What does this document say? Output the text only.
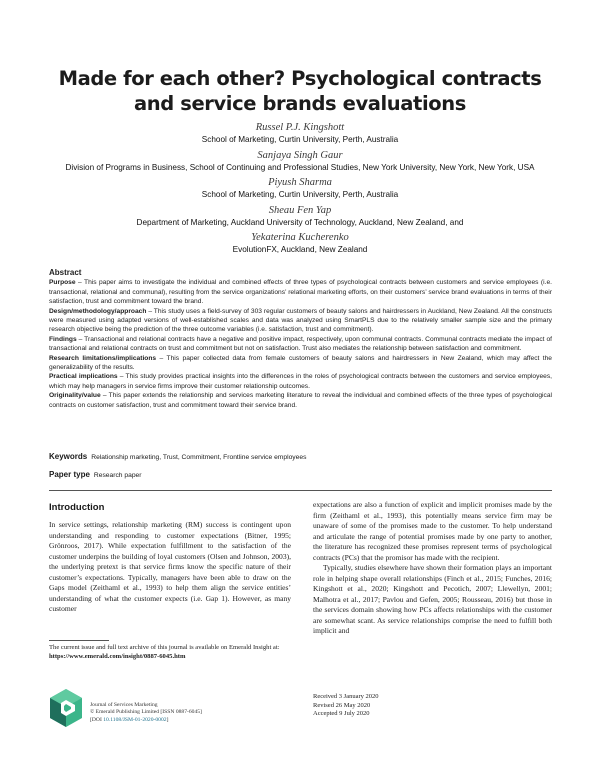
Made for each other? Psychological contracts
and service brands evaluations
Russel P.J. Kingshott
School of Marketing, Curtin University, Perth, Australia
Sanjaya Singh Gaur
Division of Programs in Business, School of Continuing and Professional Studies, New York University, New York, New York, USA
Piyush Sharma
School of Marketing, Curtin University, Perth, Australia
Sheau Fen Yap
Department of Marketing, Auckland University of Technology, Auckland, New Zealand, and
Yekaterina Kucherenko
EvolutionFX, Auckland, New Zealand
Abstract

Purpose – This paper aims to investigate the individual and combined effects of three types of psychological contracts between customers and service employees (i.e. transactional, relational and communal), resulting from the service organizations’ relational marketing efforts, on their customers’ service brand evaluations in terms of their satisfaction, trust and commitment toward the brand.

Design/methodology/approach – This study uses a field-survey of 303 regular customers of beauty salons and hairdressers in Auckland, New Zealand. All the constructs were measured using adapted versions of well-established scales and data was analyzed using SmartPLS due to the relatively smaller sample size and the primary research objective being the prediction of the three outcome variables (i.e. satisfaction, trust and commitment).

Findings – Transactional and relational contracts have a negative and positive impact, respectively, upon communal contracts. Communal contracts mediate the impact of transactional and relational contracts on trust and commitment but not on satisfaction. Trust also mediates the relationship between satisfaction and commitment.

Research limitations/implications – This paper collected data from female customers of beauty salons and hairdressers in New Zealand, which may affect the generalizability of the results.

Practical implications – This study provides practical insights into the differences in the roles of psychological contracts between the customers and service employees, which may help managers in service firms improve their customer relationship outcomes.

Originality/value – This paper extends the relationship and services marketing literature to reveal the individual and combined effects of the three types of psychological contracts on customer satisfaction, trust and commitment toward their service brand.

Keywords Relationship marketing, Trust, Commitment, Frontline service employees
Paper type Research paper
Introduction

In service settings, relationship marketing (RM) success is contingent upon understanding and responding to customer expectations (Bitner, 1995; Grönroos, 2017). While expectation fulfillment to the satisfaction of the customer underpins the building of loyal customers (Olsen and Johnson, 2003), the underlying pretext is that service firms know the specific nature of their customer’s expectations. Typically, managers have been able to draw on the Gaps model (Zeithaml et al., 1993) to help them align the service entities’ understanding of what the customer expects (i.e. Gap 1). However, as many customer

expectations are also a function of explicit and implicit promises made by the firm (Zeithaml et al., 1993), this potentially means service firm may be unaware of some of the promises made to the customer. To help understand and articulate the range of potential promises made by one party to another, the literature has recognized these promises represent terms of psychological contracts (PCs) that the promisor has made with the recipient.

Typically, studies elsewhere have shown their formation plays an important role in helping shape overall relationships (Finch et al., 2015; Funches, 2016; Kingshott et al., 2020; Kingshott and Pecotich, 2007; Llewellyn, 2001; Malhotra et al., 2017; Pavlou and Gefen, 2005; Rousseau, 2016) but those in the services domain showing how PCs affects relationships with the customer are somewhat scant. As service relationships comprise the need to fulfill both implicit and

The current issue and full text archive of this journal is available on Emerald Insight at: https://www.emerald.com/insight/0887-6045.htm
Journal of Services Marketing
© Emerald Publishing Limited [ISSN 0887-6045]
[DOI 10.1108/JSM-01-2020-0002]
Received 3 January 2020
Revised 26 May 2020
Accepted 9 July 2020
